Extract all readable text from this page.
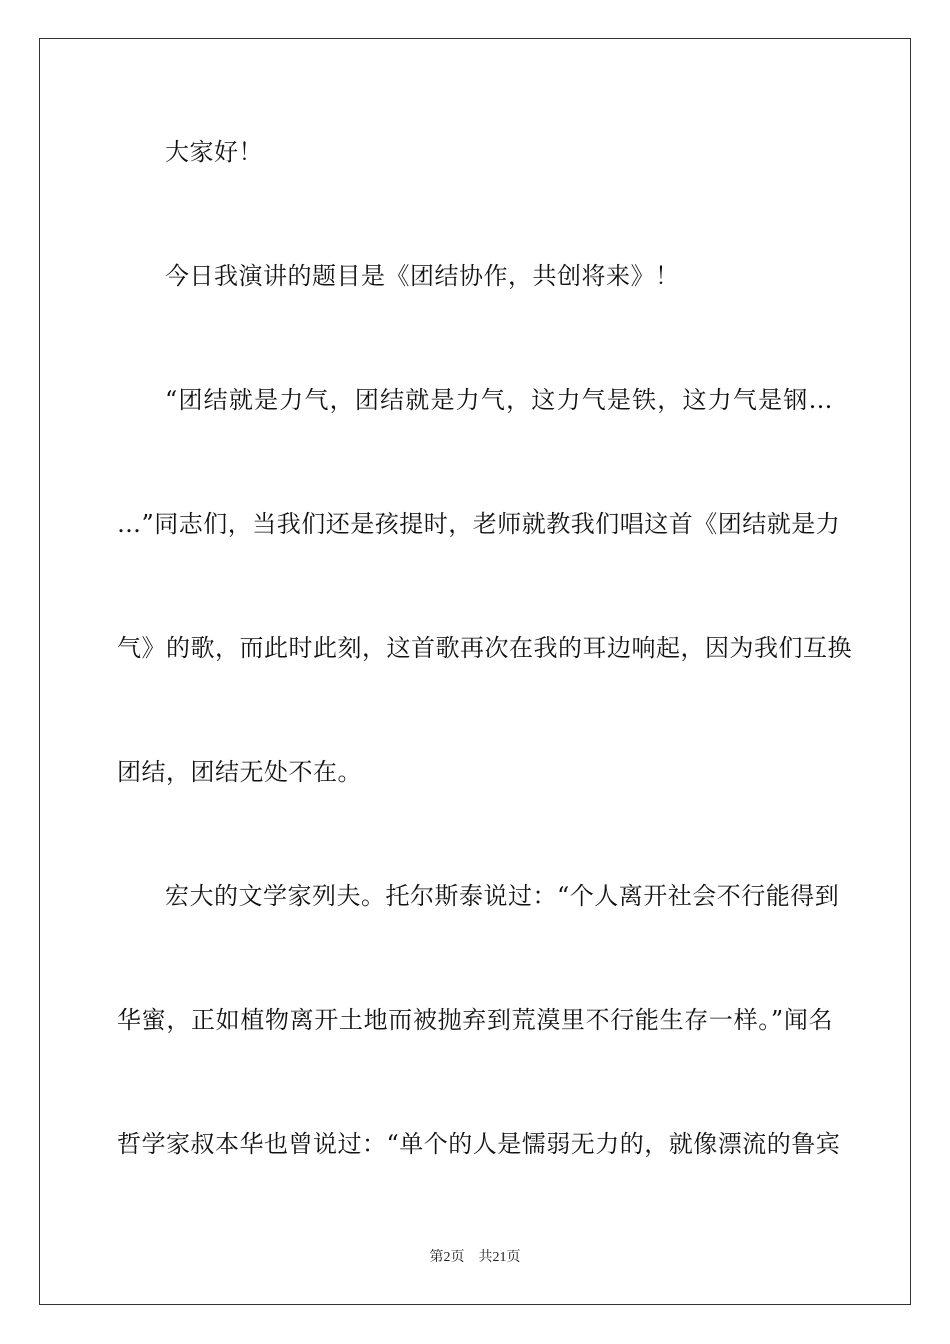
大家好！
今日我演讲的题目是《团结协作，共创将来》！
“团结就是力气，团结就是力气，这力气是铁，这力气是钢…
…”同志们，当我们还是孩提时，老师就教我们唱这首《团结就是力
气》的歌，而此时此刻，这首歌再次在我的耳边响起，因为我们互换
团结，团结无处不在。
宏大的文学家列夫。托尔斯泰说过：“个人离开社会不行能得到
华蜜，正如植物离开土地而被抛弃到荒漠里不行能生存一样。”闻名
哲学家叔本华也曾说过：“单个的人是懦弱无力的，就像漂流的鲁宾
第2页 共21页
